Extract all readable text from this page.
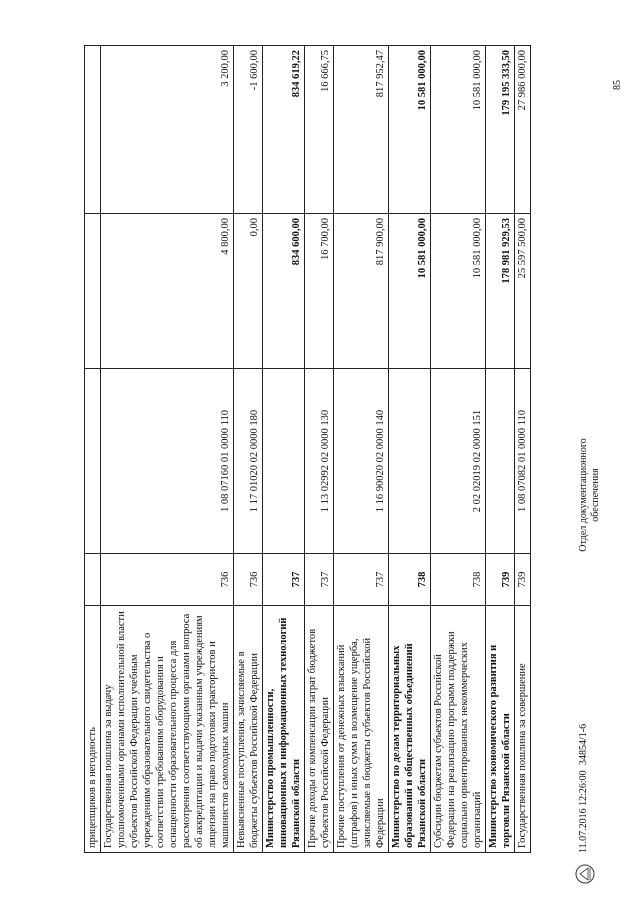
85
прицепщиков в негодность				
Государственная пошлина за выдачу уполномоченными органами исполнительной власти субъектов Российской Федерации учебным учреждениям образовательного свидетельства о соответствии требованиям оборудования и оснащенности образовательного процесса для рассмотрения соответствующими органами вопроса об аккредитации и выдачи указанным учреждениям лицензии на право подготовки трактористов и машинистов самоходных машин	736	1 08 07160 01 0000 110	4 800,00	3 200,00
Невыясненные поступления, зачисляемые в бюджеты субъектов Российской Федерации	736	1 17 01020 02 0000 180	0,00	-1 600,00
Министерство промышленности, инновационных и информационных технологий Рязанской области	737		834 600,00	834 619,22
Прочие доходы от компенсации затрат бюджетов субъектов Российской Федерации	737	1 13 02992 02 0000 130	16 700,00	16 666,75
Прочие поступления от денежных взысканий (штрафов) и иных сумм в возмещение ущерба, зачисляемые в бюджеты субъектов Российской Федерации	737	1 16 90020 02 0000 140	817 900,00	817 952,47
Министерство по делам территориальных образований и общественных объединений Рязанской области	738		10 581 000,00	10 581 000,00
Субсидии бюджетам субъектов Российской Федерации на реализацию программ поддержки социально ориентированных некоммерческих организаций	738	2 02 02019 02 0000 151	10 581 000,00	10 581 000,00
Министерство экономического развития и торговли Рязанской области	739		178 981 929,53	179 195 333,50
Государственная пошлина за совершение	739	1 08 07082 01 0000 110	25 597 500,00	27 986 000,00
11.07.2016 12:26:00
34854/1-6
Отдел документационного обеспечения
